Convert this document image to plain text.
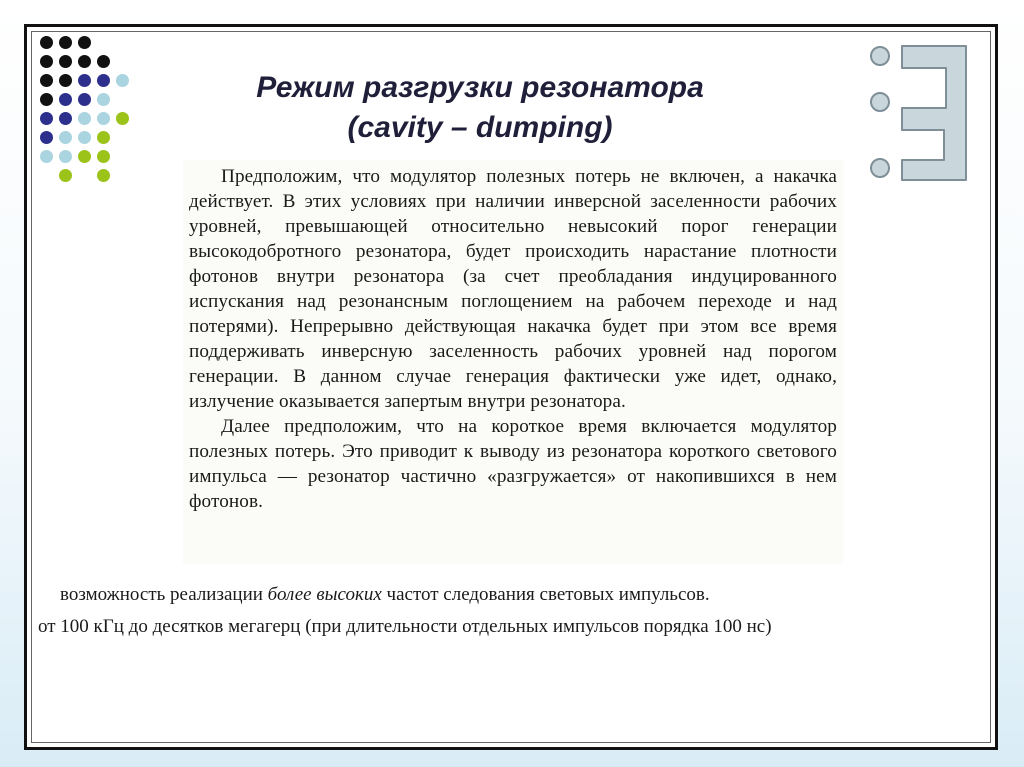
Режим разгрузки резонатора
(cavity – dumping)

Предположим, что модулятор полезных потерь не включен, а накачка действует. В этих условиях при наличии инверсной заселенности рабочих уровней, превышающей относительно невысокий порог генерации высокодобротного резонатора, будет происходить нарастание плотности фотонов внутри резонатора (за счет преобладания индуцированного испускания над резонансным поглощением на рабочем переходе и над потерями). Непрерывно действующая накачка будет при этом все время поддерживать инверсную заселенность рабочих уровней над порогом генерации. В данном случае генерация фактически уже идет, однако, излучение оказывается запертым внутри резонатора.

Далее предположим, что на короткое время включается модулятор полезных потерь. Это приводит к выводу из резонатора короткого светового импульса — резонатор частично «разгружается» от накопившихся в нем фотонов.

возможность реализации более высоких частот следования световых импульсов.

от 100 кГц до десятков мегагерц (при длительности отдельных импульсов порядка 100 нс)
